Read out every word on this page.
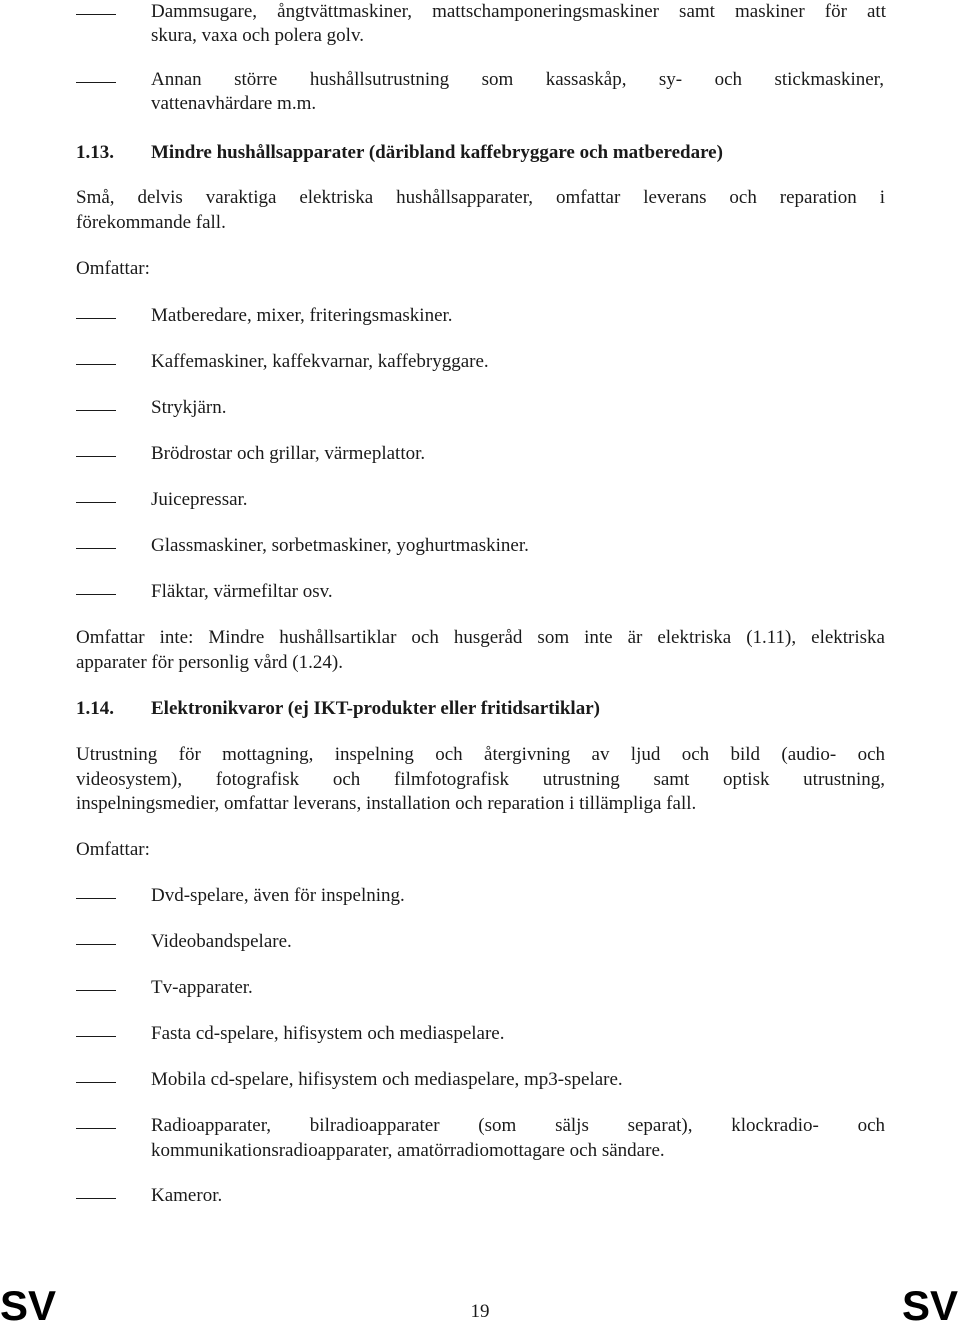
Dammsugare, ångtvättmaskiner, mattschamponeringsmaskiner samt maskiner för att
skura, vaxa och polera golv.
Annan större hushållsutrustning som kassaskåp, sy- och stickmaskiner,
vattenavhärdare m.m.
1.13. Mindre hushållsapparater (däribland kaffebryggare och matberedare)
Små, delvis varaktiga elektriska hushållsapparater, omfattar leverans och reparation i
förekommande fall.
Omfattar:
Matberedare, mixer, friteringsmaskiner.
Kaffemaskiner, kaffekvarnar, kaffebryggare.
Strykjärn.
Brödrostar och grillar, värmeplattor.
Juicepressar.
Glassmaskiner, sorbetmaskiner, yoghurtmaskiner.
Fläktar, värmefiltar osv.
Omfattar inte: Mindre hushållsartiklar och husgeråd som inte är elektriska (1.11), elektriska
apparater för personlig vård (1.24).
1.14. Elektronikvaror (ej IKT-produkter eller fritidsartiklar)
Utrustning för mottagning, inspelning och återgivning av ljud och bild (audio- och
videosystem), fotografisk och filmfotografisk utrustning samt optisk utrustning,
inspelningsmedier, omfattar leverans, installation och reparation i tillämpliga fall.
Omfattar:
Dvd-spelare, även för inspelning.
Videobandspelare.
Tv-apparater.
Fasta cd-spelare, hifisystem och mediaspelare.
Mobila cd-spelare, hifisystem och mediaspelare, mp3-spelare.
Radioapparater, bilradioapparater (som säljs separat), klockradio- och
kommunikationsradioapparater, amatörradiomottagare och sändare.
Kameror.
SV	19	SV
